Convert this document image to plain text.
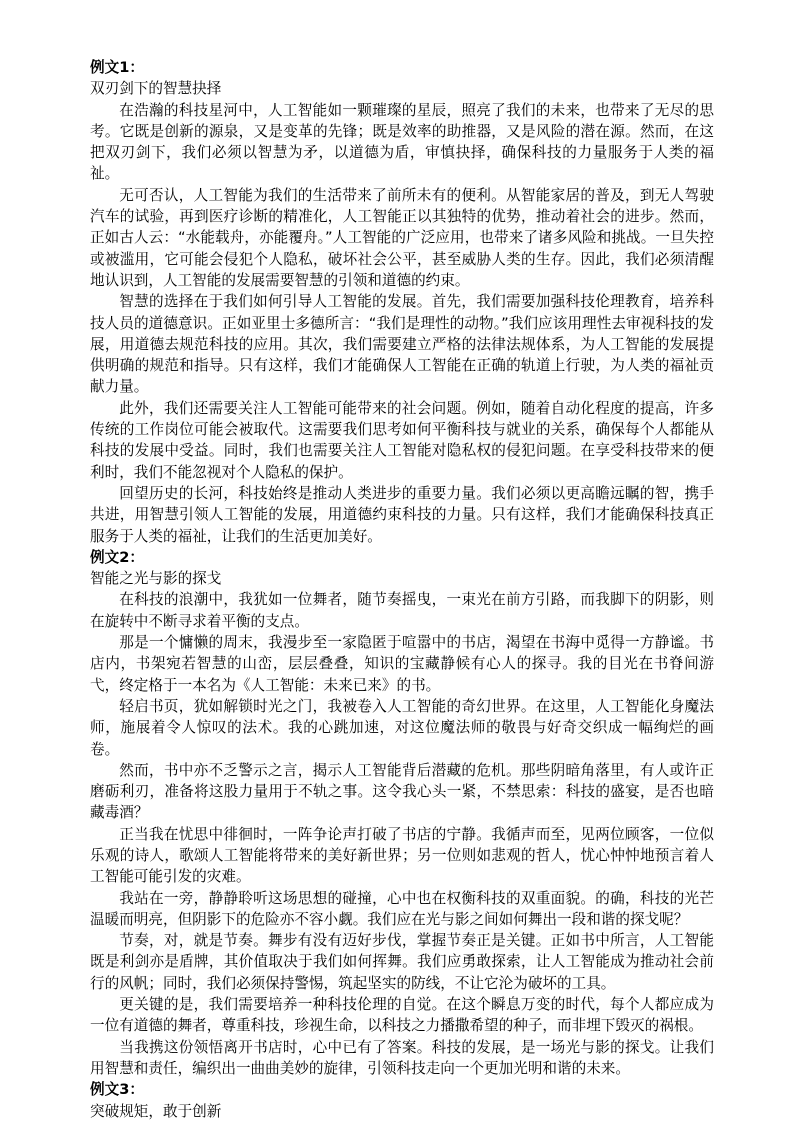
例文1：

双刃剑下的智慧抉择

在浩瀚的科技星河中，人工智能如一颗璀璨的星辰，照亮了我们的未来，也带来了无尽的思考。它既是创新的源泉，又是变革的先锋；既是效率的助推器，又是风险的潜在源。然而，在这把双刃剑下，我们必须以智慧为矛，以道德为盾，审慎抉择，确保科技的力量服务于人类的福祉。

无可否认，人工智能为我们的生活带来了前所未有的便利。从智能家居的普及，到无人驾驶汽车的试验，再到医疗诊断的精准化，人工智能正以其独特的优势，推动着社会的进步。然而，正如古人云：“水能载舟，亦能覆舟。”人工智能的广泛应用，也带来了诸多风险和挑战。一旦失控或被滥用，它可能会侵犯个人隐私，破坏社会公平，甚至威胁人类的生存。因此，我们必须清醒地认识到，人工智能的发展需要智慧的引领和道德的约束。

智慧的选择在于我们如何引导人工智能的发展。首先，我们需要加强科技伦理教育，培养科技人员的道德意识。正如亚里士多德所言：“我们是理性的动物。”我们应该用理性去审视科技的发展，用道德去规范科技的应用。其次，我们需要建立严格的法律法规体系，为人工智能的发展提供明确的规范和指导。只有这样，我们才能确保人工智能在正确的轨道上行驶，为人类的福祉贡献力量。

此外，我们还需要关注人工智能可能带来的社会问题。例如，随着自动化程度的提高，许多传统的工作岗位可能会被取代。这需要我们思考如何平衡科技与就业的关系，确保每个人都能从科技的发展中受益。同时，我们也需要关注人工智能对隐私权的侵犯问题。在享受科技带来的便利时，我们不能忽视对个人隐私的保护。

回望历史的长河，科技始终是推动人类进步的重要力量。我们必须以更高瞻远瞩的智，携手共进，用智慧引领人工智能的发展，用道德约束科技的力量。只有这样，我们才能确保科技真正服务于人类的福祉，让我们的生活更加美好。

例文2：

智能之光与影的探戈

在科技的浪潮中，我犹如一位舞者，随节奏摇曳，一束光在前方引路，而我脚下的阴影，则在旋转中不断寻求着平衡的支点。

那是一个慵懒的周末，我漫步至一家隐匿于喧嚣中的书店，渴望在书海中觅得一方静谧。书店内，书架宛若智慧的山峦，层层叠叠，知识的宝藏静候有心人的探寻。我的目光在书脊间游弋，终定格于一本名为《人工智能：未来已来》的书。

轻启书页，犹如解锁时光之门，我被卷入人工智能的奇幻世界。在这里，人工智能化身魔法师，施展着令人惊叹的法术。我的心跳加速，对这位魔法师的敬畏与好奇交织成一幅绚烂的画卷。

然而，书中亦不乏警示之言，揭示人工智能背后潜藏的危机。那些阴暗角落里，有人或许正磨砺利刃，准备将这股力量用于不轨之事。这令我心头一紧，不禁思索：科技的盛宴，是否也暗藏毒酒？

正当我在忧思中徘徊时，一阵争论声打破了书店的宁静。我循声而至，见两位顾客，一位似乐观的诗人，歌颂人工智能将带来的美好新世界；另一位则如悲观的哲人，忧心忡忡地预言着人工智能可能引发的灾难。

我站在一旁，静静聆听这场思想的碰撞，心中也在权衡科技的双重面貌。的确，科技的光芒温暖而明亮，但阴影下的危险亦不容小觑。我们应在光与影之间如何舞出一段和谐的探戈呢？

节奏，对，就是节奏。舞步有没有迈好步伐，掌握节奏正是关键。正如书中所言，人工智能既是利剑亦是盾牌，其价值取决于我们如何挥舞。我们应勇敢探索，让人工智能成为推动社会前行的风帆；同时，我们必须保持警惕，筑起坚实的防线，不让它沦为破坏的工具。

更关键的是，我们需要培养一种科技伦理的自觉。在这个瞬息万变的时代，每个人都应成为一位有道德的舞者，尊重科技，珍视生命，以科技之力播撒希望的种子，而非埋下毁灭的祸根。

当我携这份领悟离开书店时，心中已有了答案。科技的发展，是一场光与影的探戈。让我们用智慧和责任，编织出一曲曲美妙的旋律，引领科技走向一个更加光明和谐的未来。

例文3：

突破规矩，敢于创新
